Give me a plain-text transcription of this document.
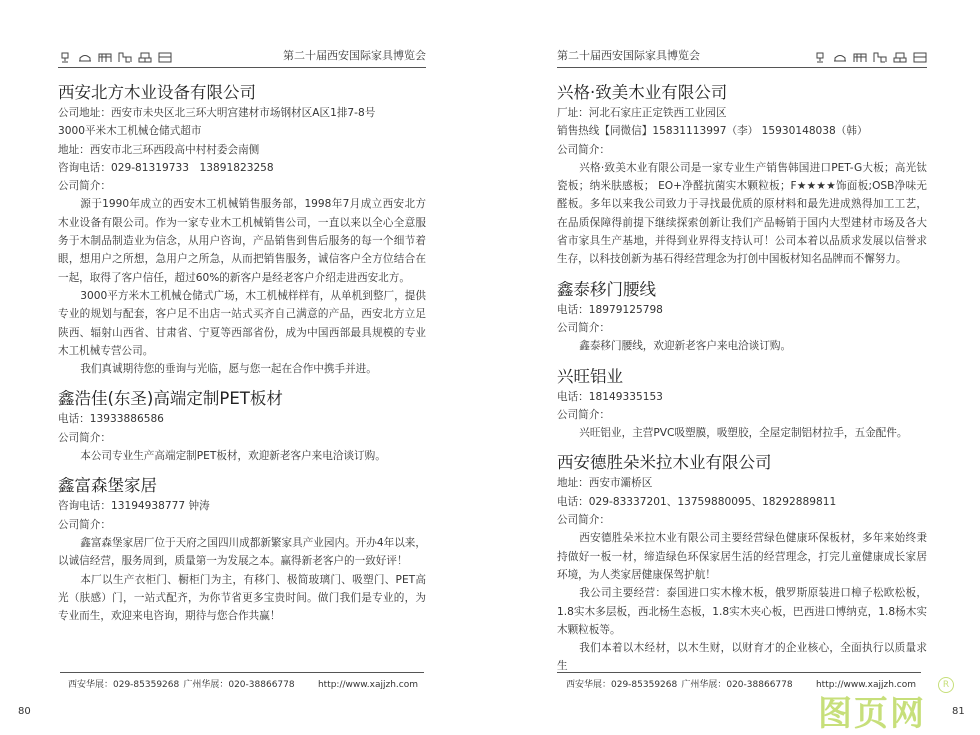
第二十届西安国际家具博览会
西安北方木业设备有限公司
公司地址：西安市未央区北三环大明宫建材市场钢材区A区1排7-8号
3000平米木工机械仓储式超市
地址：西安市北三环西段高中村村委会南侧
咨询电话：029-81319733　13891823258
公司简介：
源于1990年成立的西安木工机械销售服务部，1998年7月成立西安北方木业设备有限公司。作为一家专业木工机械销售公司，一直以来以全心全意服务于木制品制造业为信念，从用户咨询，产品销售到售后服务的每一个细节着眼，想用户之所想，急用户之所急，从而把销售服务，诚信客户全方位结合在一起，取得了客户信任，超过60%的新客户是经老客户介绍走进西安北方。
3000平方米木工机械仓储式广场，木工机械样样有，从单机到整厂，提供专业的规划与配套，客户足不出店一站式买齐自己满意的产品，西安北方立足陕西、辐射山西省、甘肃省、宁夏等西部省份，成为中国西部最具规模的专业木工机械专营公司。
我们真诚期待您的垂询与光临，愿与您一起在合作中携手并进。
鑫浩佳(东圣)高端定制PET板材
电话：13933886586
公司简介：
本公司专业生产高端定制PET板材，欢迎新老客户来电洽谈订购。
鑫富森堡家居
咨询电话：13194938777 钟涛
公司简介：
鑫富森堡家居厂位于天府之国四川成都新繁家具产业园内。开办4年以来，以诚信经营，服务周到，质量第一为发展之本。赢得新老客户的一致好评！
本厂以生产衣柜门、橱柜门为主，有移门、极简玻璃门、吸塑门、PET高光（肤感）门，一站式配齐，为你节省更多宝贵时间。做门我们是专业的，为专业而生，欢迎来电咨询，期待与您合作共赢！
西安华展：029-85359268 广州华展：020-38866778	http://www.xajjzh.com
80
第二十届西安国际家具博览会
兴格·致美木业有限公司
厂址：河北石家庄正定铁西工业园区
销售热线【同微信】15831113997（李） 15930148038（韩）
公司简介：
兴格·致美木业有限公司是一家专业生产销售韩国进口PET-G大板；高光钛瓷板；纳米肤感板； EO+净醛抗菌实木颗粒板；F★★★★饰面板;OSB净味无醛板。多年以来我公司致力于寻找最优质的原材料和最先进成熟得加工工艺，在品质保障得前提下继续探索创新让我们产品畅销于国内大型建材市场及各大省市家具生产基地，并得到业界得支持认可！公司本着以品质求发展以信誉求生存，以科技创新为基石得经营理念为打创中国板材知名品牌而不懈努力。
鑫泰移门腰线
电话：18979125798
公司简介：
鑫泰移门腰线，欢迎新老客户来电洽谈订购。
兴旺铝业
电话：18149335153
公司简介：
兴旺铝业，主营PVC吸塑膜，吸塑胶，全屋定制铝材拉手，五金配件。
西安德胜朵米拉木业有限公司
地址：西安市灞桥区
电话：029-83337201、13759880095、18292889811
公司简介：
西安德胜朵米拉木业有限公司主要经营绿色健康环保板材，多年来始终秉持做好一板一材，缔造绿色环保家居生活的经营理念，打完儿童健康成长家居环境，为人类家居健康保驾护航！
我公司主要经营：泰国进口实木橡木板，俄罗斯原装进口樟子松欧松板，1.8实木多层板，西北杨生态板，1.8实木夹心板，巴西进口博纳克，1.8杨木实木颗粒板等。
我们本着以木经材，以木生财，以财育才的企业核心，全面执行以质量求生
西安华展：029-85359268 广州华展：020-38866778	http://www.xajjzh.com
81
图页网
R
